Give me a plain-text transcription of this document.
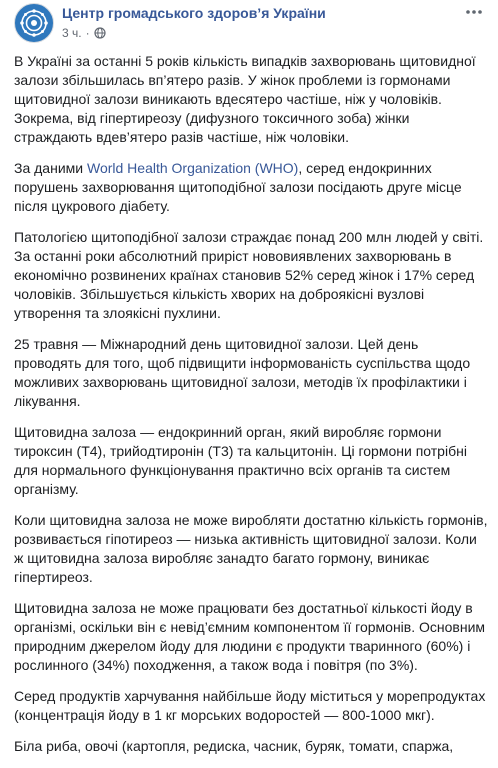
Центр громадського здоров’я України
3 ч. ·

В Україні за останні 5 років кількість випадків захворювань щитовидної залози збільшилась вп’ятеро разів. У жінок проблеми із гормонами щитовидної залози виникають вдесятеро частіше, ніж у чоловіків. Зокрема, від гіпертиреозу (дифузного токсичного зоба) жінки страждають вдев’ятеро разів частіше, ніж чоловіки.

За даними World Health Organization (WHO), серед ендокринних порушень захворювання щитоподібної залози посідають друге місце після цукрового діабету.

Патологією щитоподібної залози страждає понад 200 млн людей у світі. За останні роки абсолютний приріст нововиявлених захворювань в економічно розвинених країнах становив 52% серед жінок і 17% серед чоловіків. Збільшується кількість хворих на доброякісні вузлові утворення та злоякісні пухлини.

25 травня — Міжнародний день щитовидної залози. Цей день проводять для того, щоб підвищити інформованість суспільства щодо можливих захворювань щитовидної залози, методів їх профілактики і лікування.

Щитовидна залоза — ендокринний орган, який виробляє гормони тироксин (T4), трийодтиронін (T3) та кальцитонін. Ці гормони потрібні для нормального функціонування практично всіх органів та систем організму.

Коли щитовидна залоза не може виробляти достатню кількість гормонів, розвивається гіпотиреоз — низька активність щитовидної залози. Коли ж щитовидна залоза виробляє занадто багато гормону, виникає гіпертиреоз.

Щитовидна залоза не може працювати без достатньої кількості йоду в організмі, оскільки він є невід’ємним компонентом її гормонів. Основним природним джерелом йоду для людини є продукти тваринного (60%) і рослинного (34%) походження, а також вода і повітря (по 3%).

Серед продуктів харчування найбільше йоду міститься у морепродуктах (концентрація йоду в 1 кг морських водоростей — 800-1000 мкг).

Біла риба, овочі (картопля, редиска, часник, буряк, томати, спаржа,
